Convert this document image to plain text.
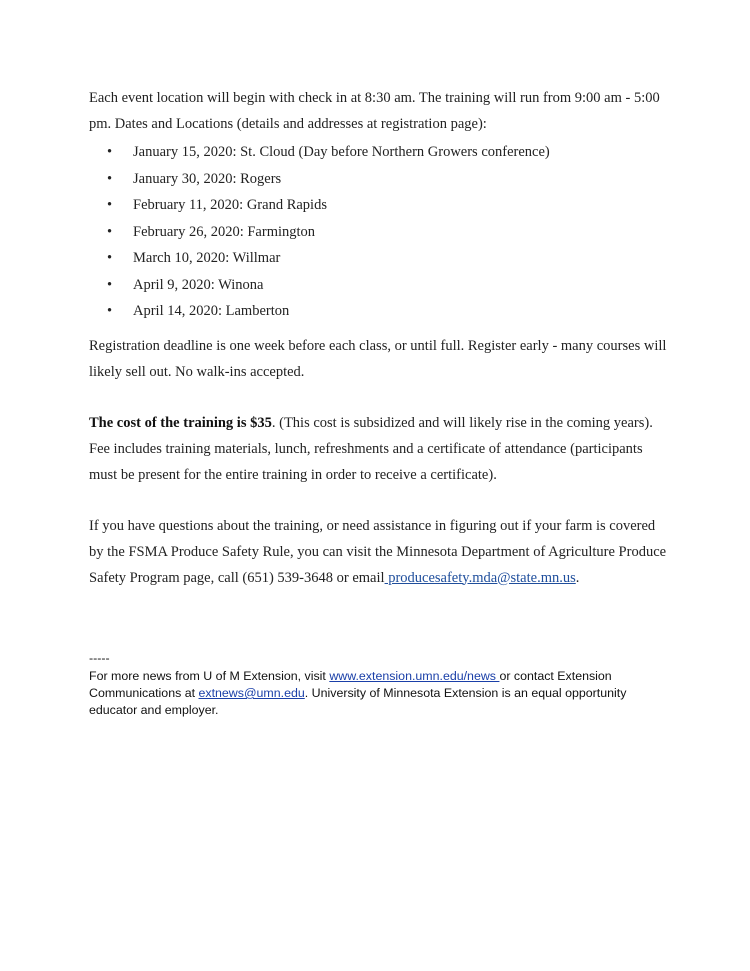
Each event location will begin with check in at 8:30 am. The training will run from 9:00 am - 5:00 pm. Dates and Locations (details and addresses at registration page):

• January 15, 2020: St. Cloud (Day before Northern Growers conference)
• January 30, 2020: Rogers
• February 11, 2020: Grand Rapids
• February 26, 2020: Farmington
• March 10, 2020: Willmar
• April 9, 2020: Winona
• April 14, 2020: Lamberton

Registration deadline is one week before each class, or until full. Register early - many courses will likely sell out. No walk-ins accepted.

The cost of the training is $35. (This cost is subsidized and will likely rise in the coming years). Fee includes training materials, lunch, refreshments and a certificate of attendance (participants must be present for the entire training in order to receive a certificate).

If you have questions about the training, or need assistance in figuring out if your farm is covered by the FSMA Produce Safety Rule, you can visit the Minnesota Department of Agriculture Produce Safety Program page, call (651) 539-3648 or email producesafety.mda@state.mn.us.

-----
For more news from U of M Extension, visit www.extension.umn.edu/news or contact Extension Communications at extnews@umn.edu. University of Minnesota Extension is an equal opportunity educator and employer.
